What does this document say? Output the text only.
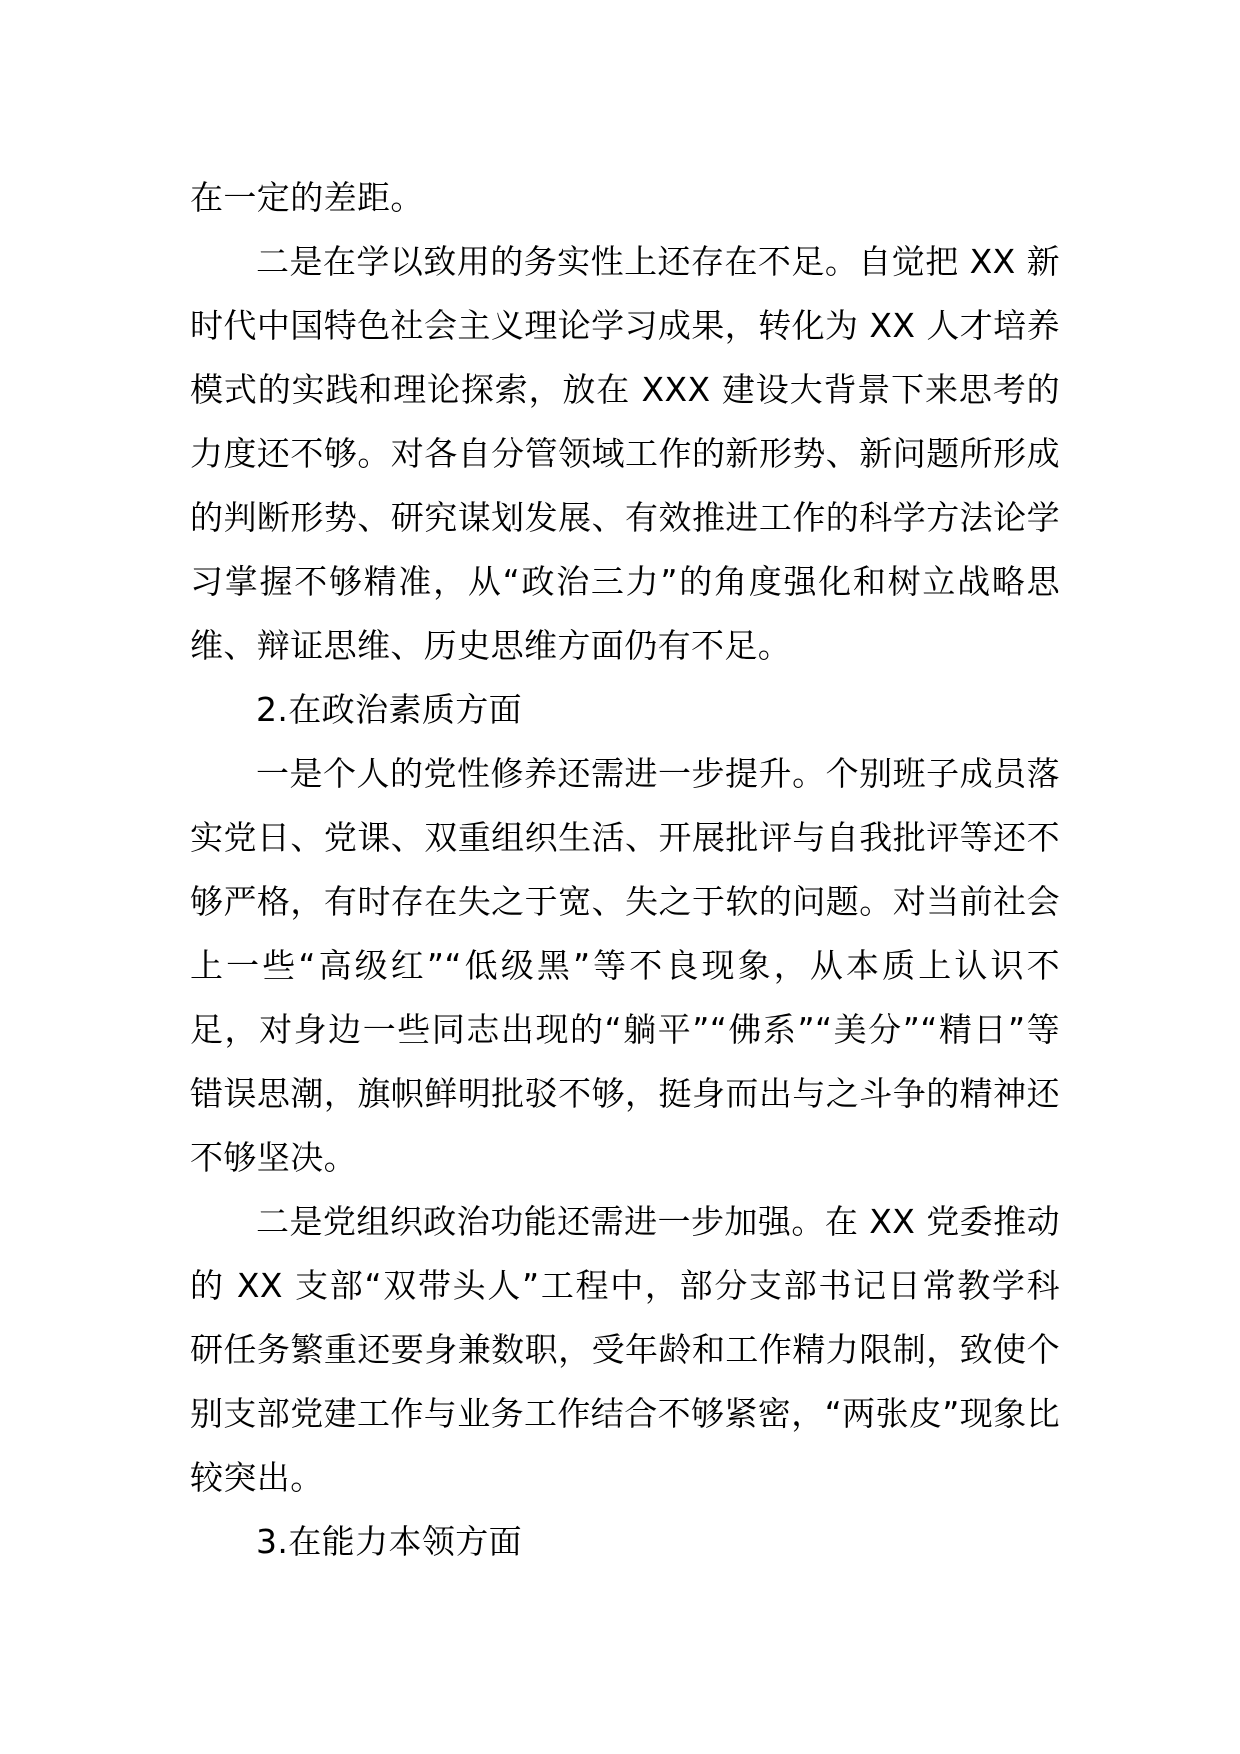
在一定的差距。

二是在学以致用的务实性上还存在不足。自觉把 XX 新时代中国特色社会主义理论学习成果，转化为 XX 人才培养模式的实践和理论探索，放在 XXX 建设大背景下来思考的力度还不够。对各自分管领域工作的新形势、新问题所形成的判断形势、研究谋划发展、有效推进工作的科学方法论学习掌握不够精准，从“政治三力”的角度强化和树立战略思维、辩证思维、历史思维方面仍有不足。

2.在政治素质方面

一是个人的党性修养还需进一步提升。个别班子成员落实党日、党课、双重组织生活、开展批评与自我批评等还不够严格，有时存在失之于宽、失之于软的问题。对当前社会上一些“高级红”“低级黑”等不良现象，从本质上认识不足，对身边一些同志出现的“躺平”“佛系”“美分”“精日”等错误思潮，旗帜鲜明批驳不够，挺身而出与之斗争的精神还不够坚决。

二是党组织政治功能还需进一步加强。在 XX 党委推动的 XX 支部“双带头人”工程中，部分支部书记日常教学科研任务繁重还要身兼数职，受年龄和工作精力限制，致使个别支部党建工作与业务工作结合不够紧密，“两张皮”现象比较突出。

3.在能力本领方面
